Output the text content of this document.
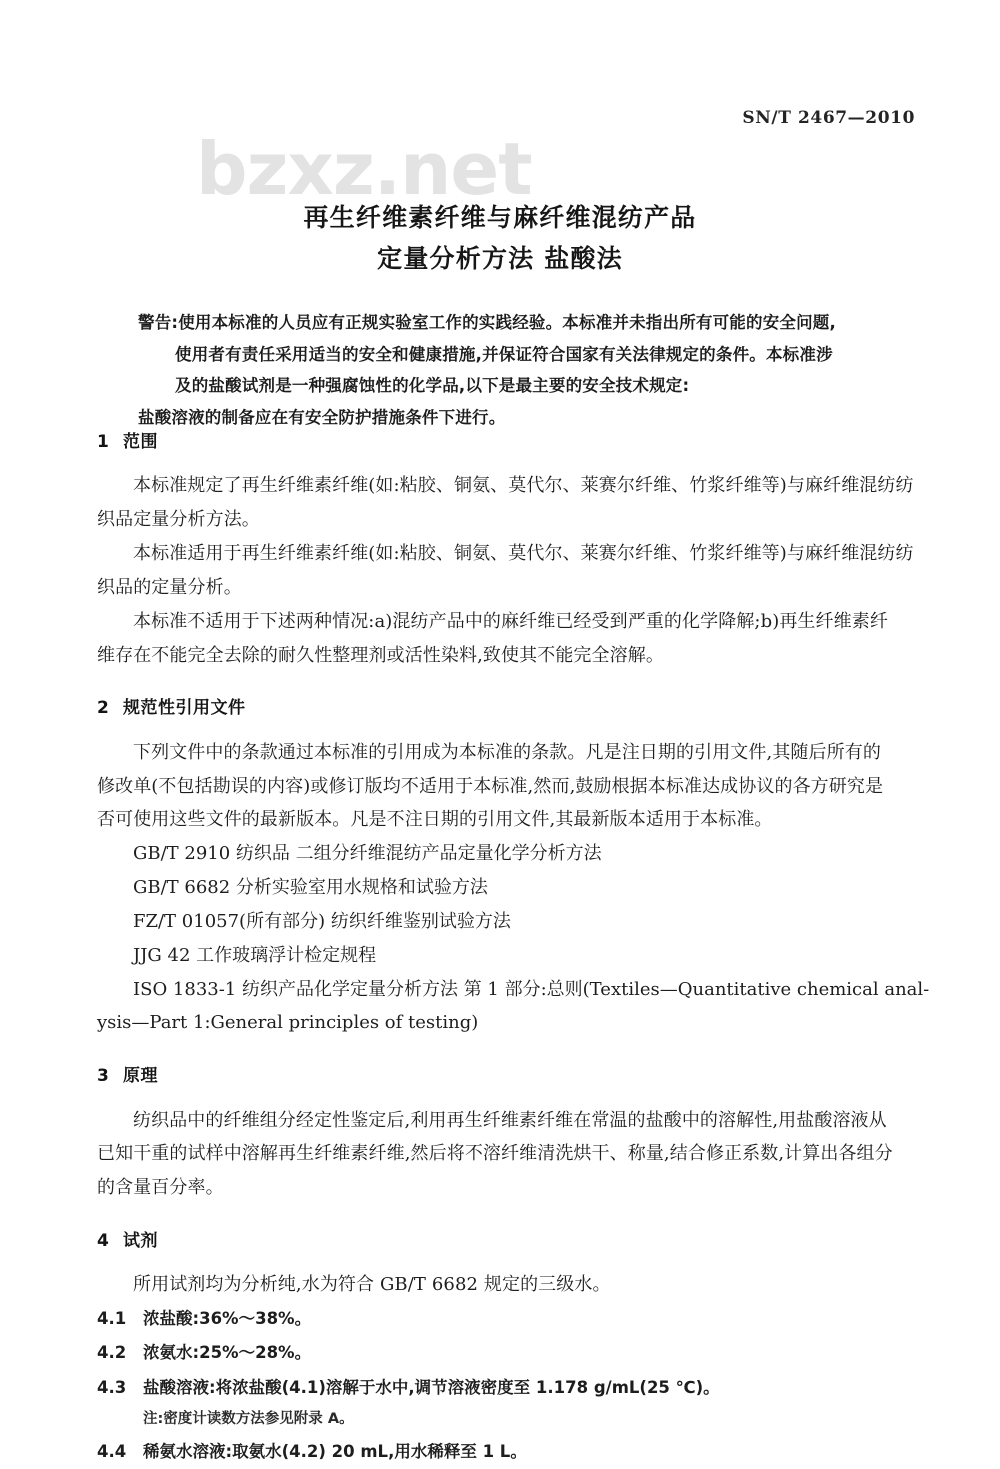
bzxz.net
SN/T 2467—2010
再生纤维素纤维与麻纤维混纺产品
定量分析方法 盐酸法
警告:使用本标准的人员应有正规实验室工作的实践经验。本标准并未指出所有可能的安全问题,
使用者有责任采用适当的安全和健康措施,并保证符合国家有关法律规定的条件。本标准涉
及的盐酸试剂是一种强腐蚀性的化学品,以下是最主要的安全技术规定:
盐酸溶液的制备应在有安全防护措施条件下进行。
1 范围

本标准规定了再生纤维素纤维(如:粘胶、铜氨、莫代尔、莱赛尔纤维、竹浆纤维等)与麻纤维混纺纺

织品定量分析方法。

本标准适用于再生纤维素纤维(如:粘胶、铜氨、莫代尔、莱赛尔纤维、竹浆纤维等)与麻纤维混纺纺

织品的定量分析。

本标准不适用于下述两种情况:a)混纺产品中的麻纤维已经受到严重的化学降解;b)再生纤维素纤

维存在不能完全去除的耐久性整理剂或活性染料,致使其不能完全溶解。

2 规范性引用文件

下列文件中的条款通过本标准的引用成为本标准的条款。凡是注日期的引用文件,其随后所有的

修改单(不包括勘误的内容)或修订版均不适用于本标准,然而,鼓励根据本标准达成协议的各方研究是

否可使用这些文件的最新版本。凡是不注日期的引用文件,其最新版本适用于本标准。

GB/T 2910 纺织品 二组分纤维混纺产品定量化学分析方法

GB/T 6682 分析实验室用水规格和试验方法

FZ/T 01057(所有部分) 纺织纤维鉴别试验方法

JJG 42 工作玻璃浮计检定规程

ISO 1833-1 纺织产品化学定量分析方法 第 1 部分:总则(Textiles—Quantitative chemical anal-

ysis—Part 1:General principles of testing)

3 原理

纺织品中的纤维组分经定性鉴定后,利用再生纤维素纤维在常温的盐酸中的溶解性,用盐酸溶液从

已知干重的试样中溶解再生纤维素纤维,然后将不溶纤维清洗烘干、称量,结合修正系数,计算出各组分

的含量百分率。

4 试剂

所用试剂均为分析纯,水为符合 GB/T 6682 规定的三级水。

4.1 浓盐酸:36%～38%。

4.2 浓氨水:25%～28%。

4.3 盐酸溶液:将浓盐酸(4.1)溶解于水中,调节溶液密度至 1.178 g/mL(25 ℃)。

注:密度计读数方法参见附录 A。

4.4 稀氨水溶液:取氨水(4.2) 20 mL,用水稀释至 1 L。
